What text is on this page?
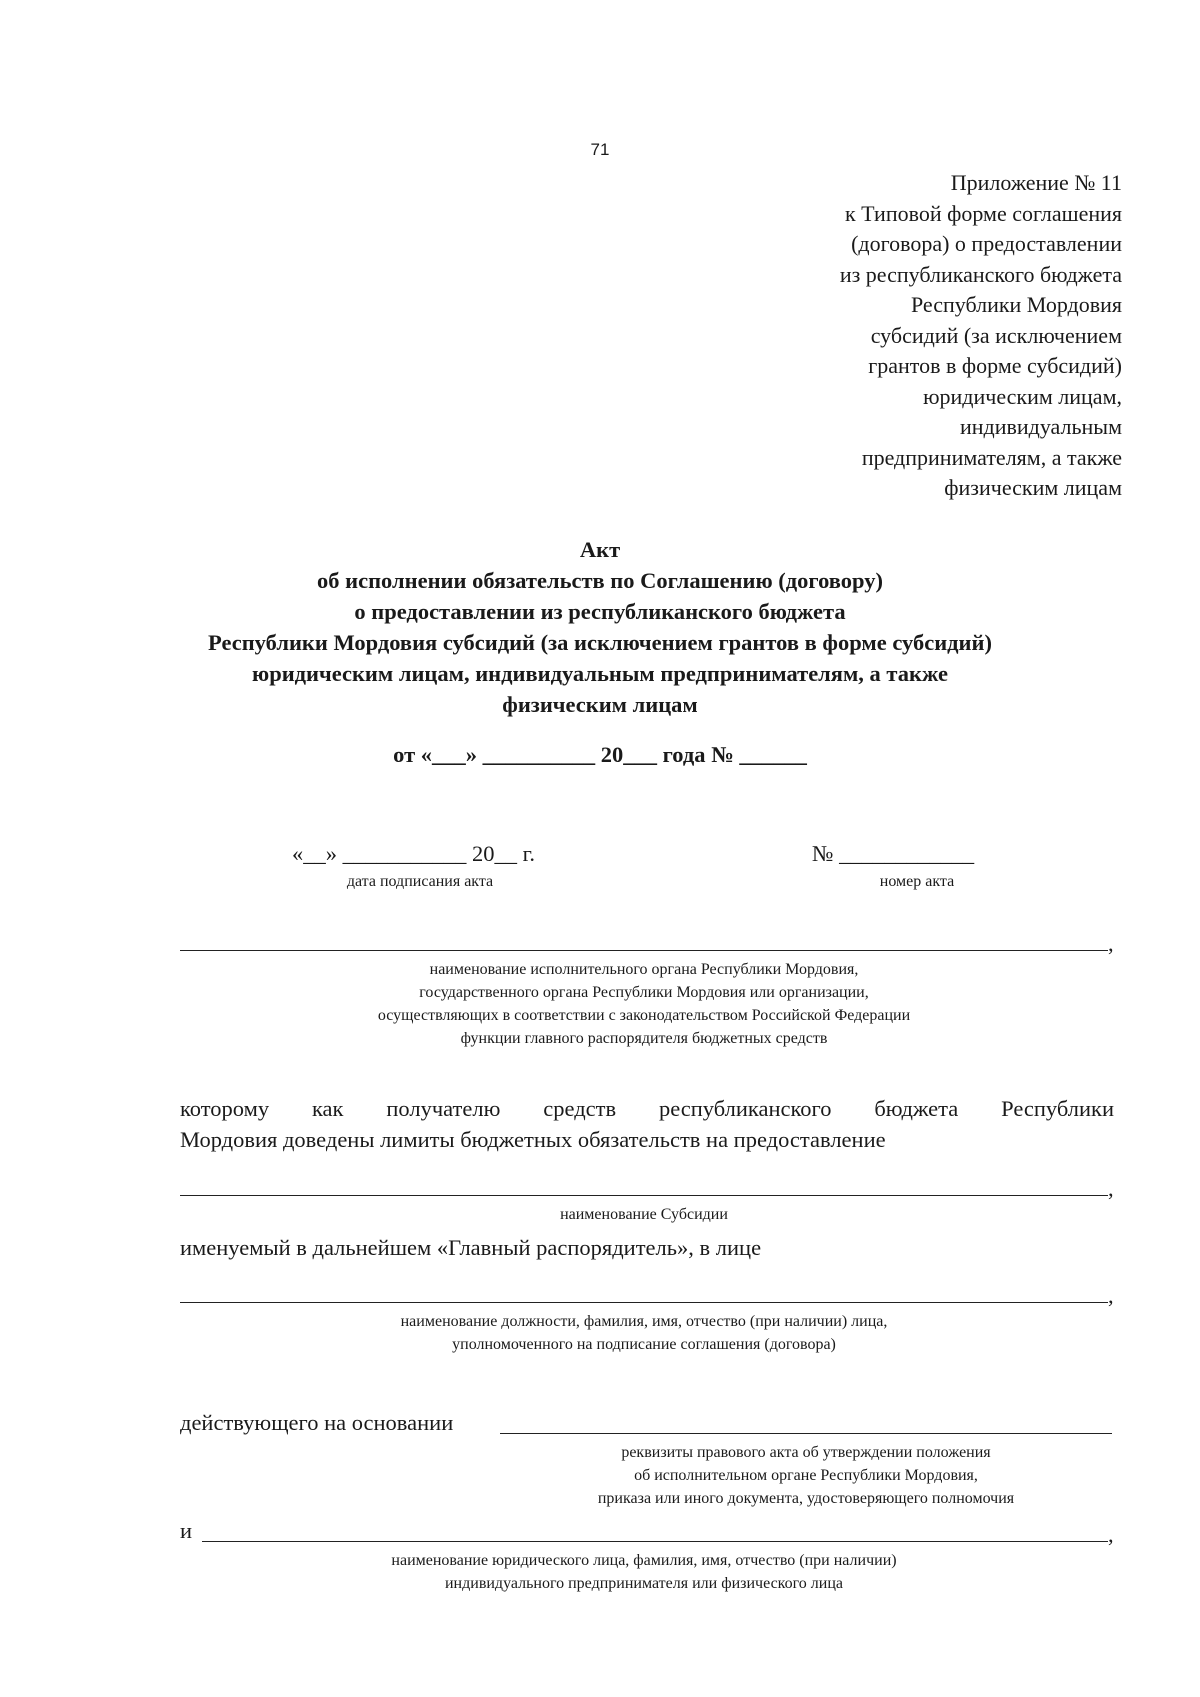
71
Приложение № 11
к Типовой форме соглашения
(договора) о предоставлении
из республиканского бюджета
Республики Мордовия
субсидий (за исключением
грантов в форме субсидий)
юридическим лицам,
индивидуальным
предпринимателям, а также
физическим лицам
Акт
об исполнении обязательств по Соглашению (договору)
о предоставлении из республиканского бюджета
Республики Мордовия субсидий (за исключением грантов в форме субсидий)
юридическим лицам, индивидуальным предпринимателям, а также
физическим лицам
от «___» __________ 20___ года № ______
«__» ___________ 20__ г.
дата подписания акта
№ ____________
номер акта
,
наименование исполнительного органа Республики Мордовия,
государственного органа Республики Мордовия или организации,
осуществляющих в соответствии с законодательством Российской Федерации
функции главного распорядителя бюджетных средств
которому как получателю средств республиканского бюджета Республики
Мордовия доведены лимиты бюджетных обязательств на предоставление
,
наименование Субсидии
именуемый в дальнейшем «Главный распорядитель», в лице
,
наименование должности, фамилия, имя, отчество (при наличии) лица,
уполномоченного на подписание соглашения (договора)
действующего на основании
реквизиты правового акта об утверждении положения
об исполнительном органе Республики Мордовия,
приказа или иного документа, удостоверяющего полномочия
и	,
наименование юридического лица, фамилия, имя, отчество (при наличии)
индивидуального предпринимателя или физического лица
